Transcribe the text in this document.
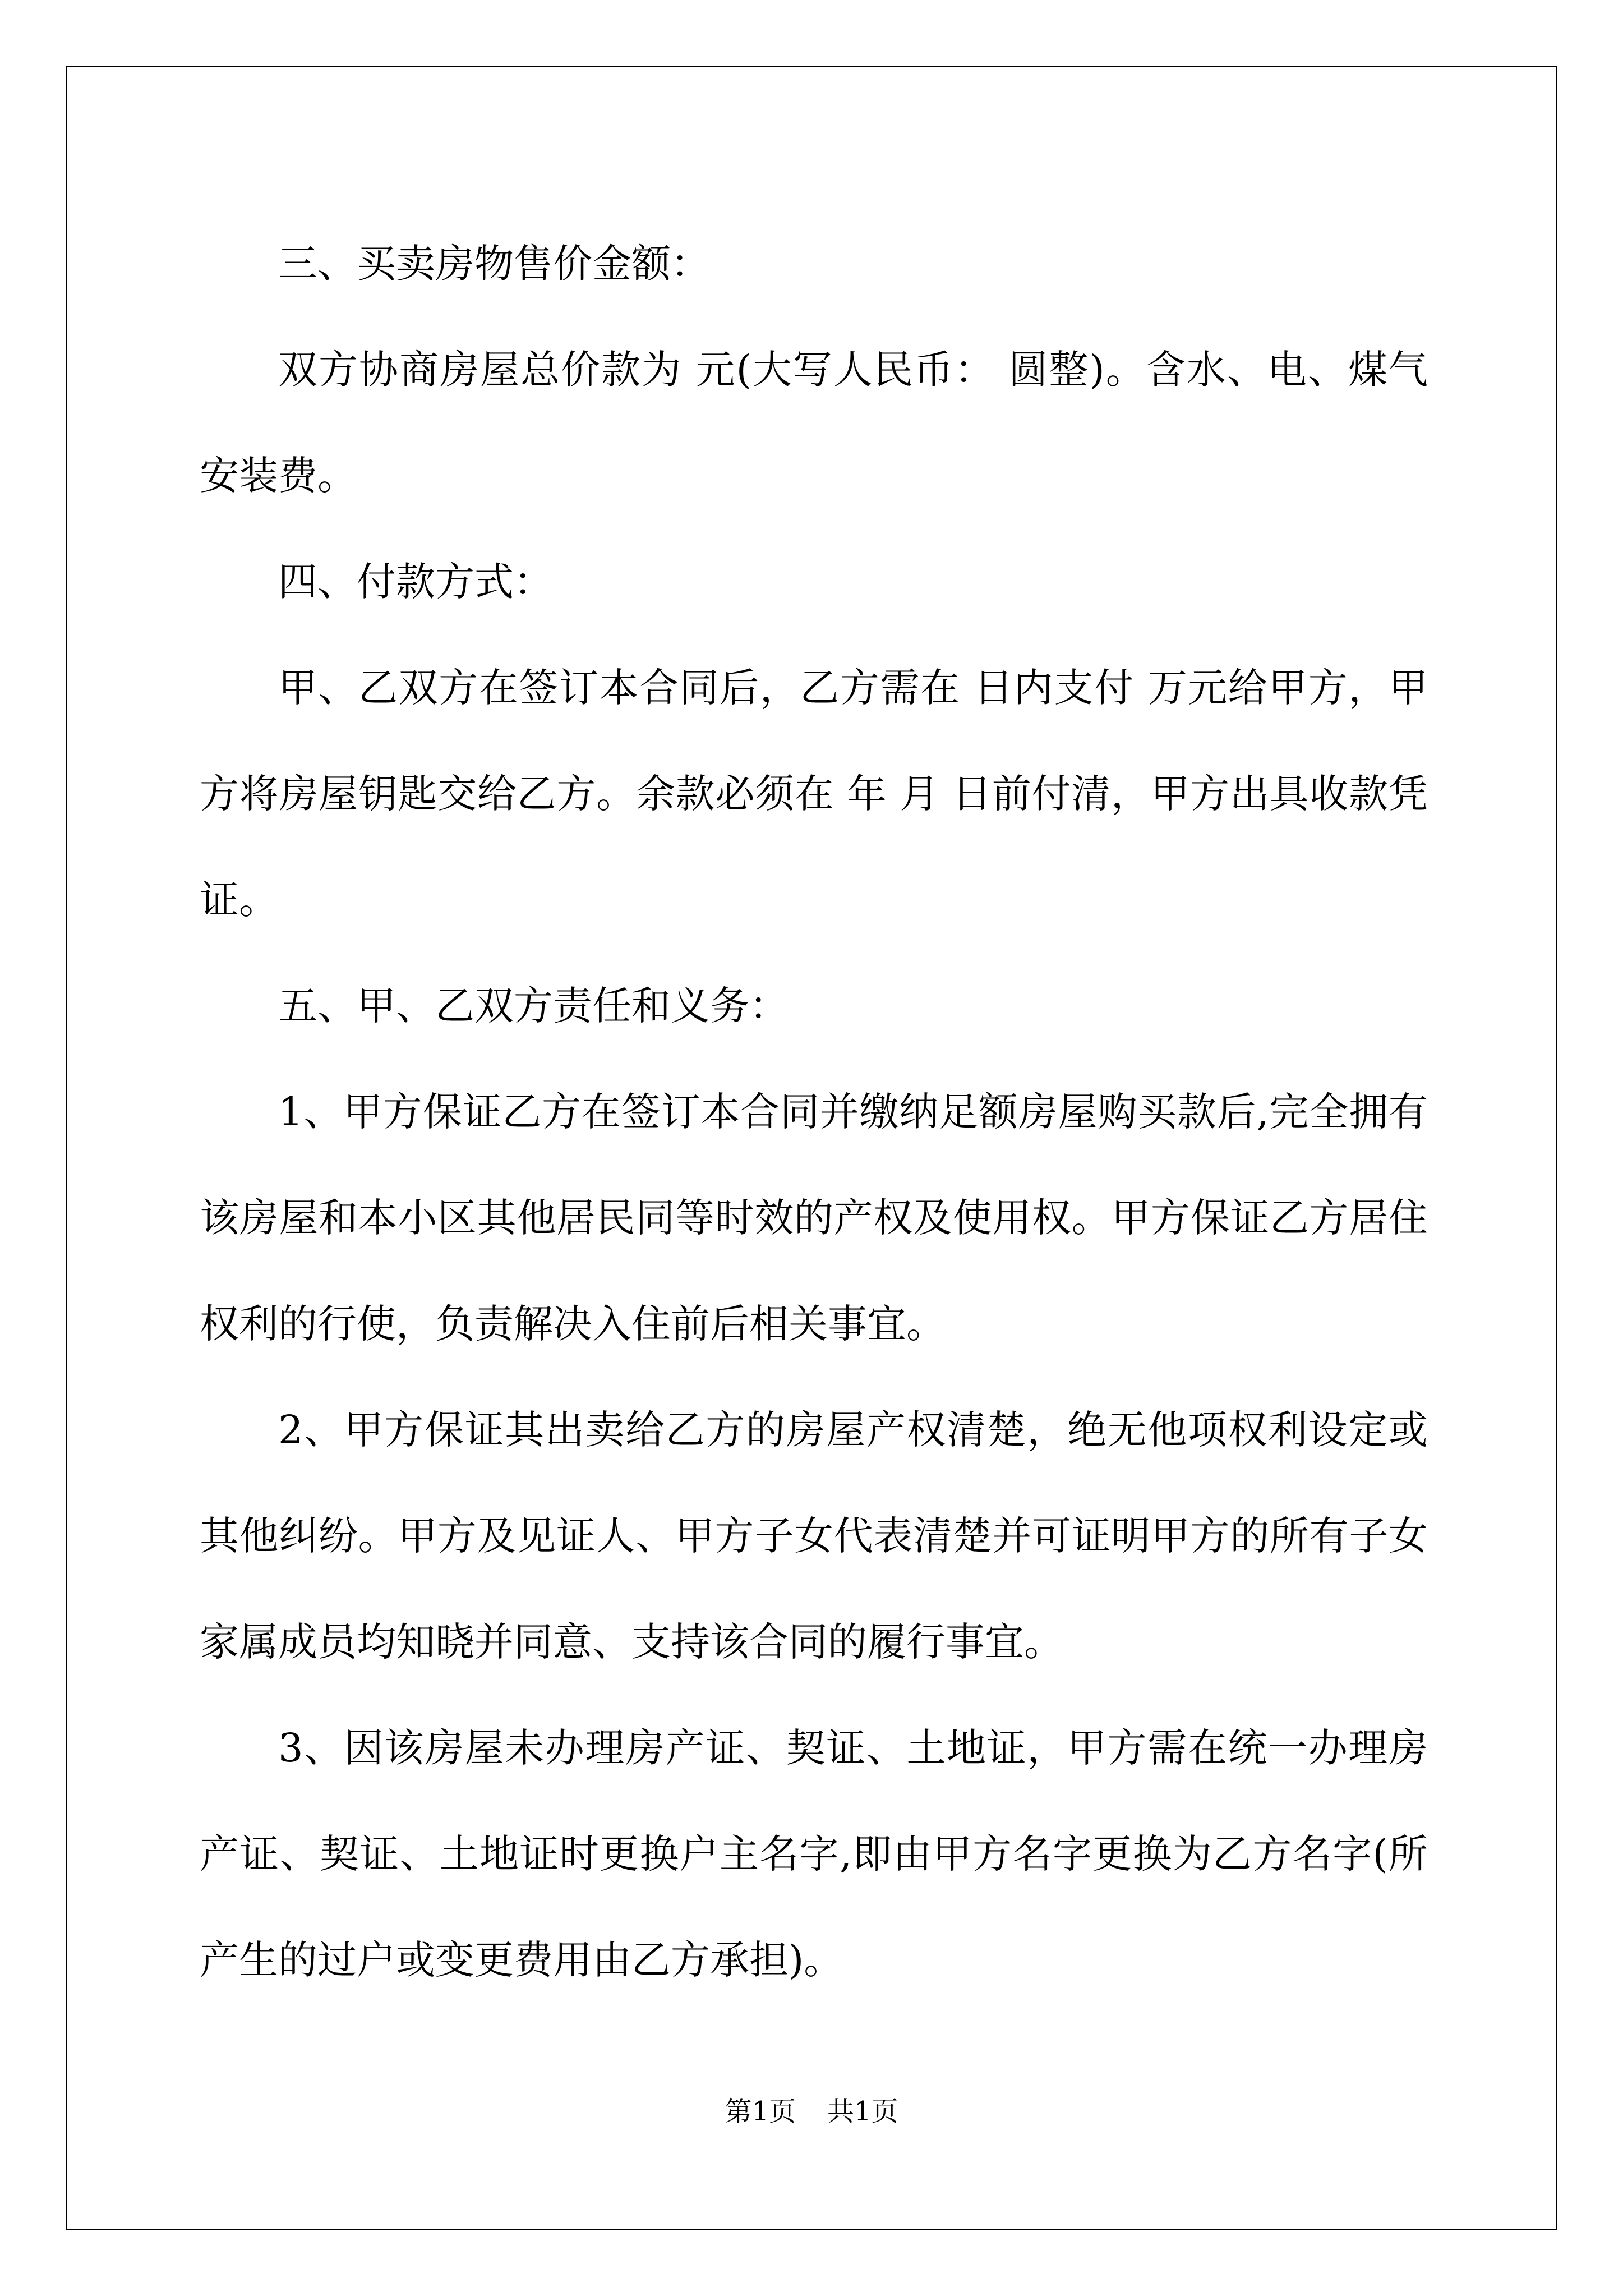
三、买卖房物售价金额：

双方协商房屋总价款为 元(大写人民币： 圆整)。含水、电、煤气安装费。

四、付款方式：

甲、乙双方在签订本合同后，乙方需在 日内支付 万元给甲方，甲方将房屋钥匙交给乙方。余款必须在 年 月 日前付清，甲方出具收款凭证。

五、甲、乙双方责任和义务：

1、甲方保证乙方在签订本合同并缴纳足额房屋购买款后,完全拥有该房屋和本小区其他居民同等时效的产权及使用权。甲方保证乙方居住权利的行使，负责解决入住前后相关事宜。

2、甲方保证其出卖给乙方的房屋产权清楚，绝无他项权利设定或其他纠纷。甲方及见证人、甲方子女代表清楚并可证明甲方的所有子女家属成员均知晓并同意、支持该合同的履行事宜。

3、因该房屋未办理房产证、契证、土地证，甲方需在统一办理房产证、契证、土地证时更换户主名字,即由甲方名字更换为乙方名字(所产生的过户或变更费用由乙方承担)。

第1页 共1页
